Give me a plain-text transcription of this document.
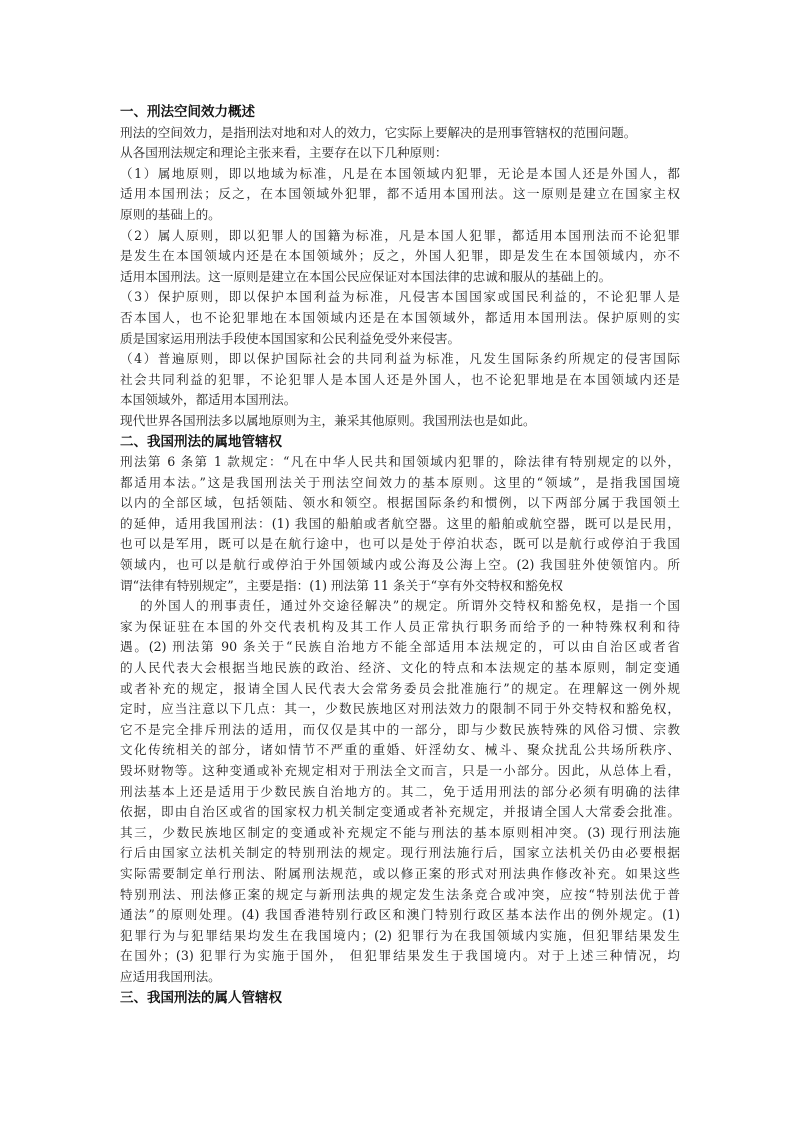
一、刑法空间效力概述
刑法的空间效力，是指刑法对地和对人的效力，它实际上要解决的是刑事管辖权的范围问题。
从各国刑法规定和理论主张来看，主要存在以下几种原则：
（1）属地原则，即以地域为标准，凡是在本国领域内犯罪，无论是本国人还是外国人，都
适用本国刑法；反之，在本国领域外犯罪，都不适用本国刑法。这一原则是建立在国家主权
原则的基础上的。
（2）属人原则，即以犯罪人的国籍为标准，凡是本国人犯罪，都适用本国刑法而不论犯罪
是发生在本国领域内还是在本国领域外；反之，外国人犯罪，即是发生在本国领域内，亦不
适用本国刑法。这一原则是建立在本国公民应保证对本国法律的忠诚和服从的基础上的。
（3）保护原则，即以保护本国利益为标准，凡侵害本国国家或国民利益的，不论犯罪人是
否本国人，也不论犯罪地在本国领域内还是在本国领域外，都适用本国刑法。保护原则的实
质是国家运用刑法手段使本国国家和公民利益免受外来侵害。
（4）普遍原则，即以保护国际社会的共同利益为标准，凡发生国际条约所规定的侵害国际
社会共同利益的犯罪，不论犯罪人是本国人还是外国人，也不论犯罪地是在本国领域内还是
本国领域外，都适用本国刑法。
现代世界各国刑法多以属地原则为主，兼采其他原则。我国刑法也是如此。
二、我国刑法的属地管辖权
刑法第 6 条第 1 款规定：“凡在中华人民共和国领域内犯罪的，除法律有特别规定的以外，
都适用本法。”这是我国刑法关于刑法空间效力的基本原则。这里的“领域”，是指我国国境
以内的全部区域，包括领陆、领水和领空。根据国际条约和惯例，以下两部分属于我国领土
的延伸，适用我国刑法：(1) 我国的船舶或者航空器。这里的船舶或航空器，既可以是民用，
也可以是军用，既可以是在航行途中，也可以是处于停泊状态，既可以是航行或停泊于我国
领域内，也可以是航行或停泊于外国领域内或公海及公海上空。(2) 我国驻外使领馆内。所
谓“法律有特别规定”，主要是指：(1) 刑法第 11 条关于“享有外交特权和豁免权
的外国人的刑事责任，通过外交途径解决”的规定。所谓外交特权和豁免权，是指一个国
家为保证驻在本国的外交代表机构及其工作人员正常执行职务而给予的一种特殊权利和待
遇。(2) 刑法第 90 条关于“民族自治地方不能全部适用本法规定的，可以由自治区或者省
的人民代表大会根据当地民族的政治、经济、文化的特点和本法规定的基本原则，制定变通
或者补充的规定，报请全国人民代表大会常务委员会批准施行”的规定。在理解这一例外规
定时，应当注意以下几点：其一，少数民族地区对刑法效力的限制不同于外交特权和豁免权，
它不是完全排斥刑法的适用，而仅仅是其中的一部分，即与少数民族特殊的风俗习惯、宗教
文化传统相关的部分，诸如情节不严重的重婚、奸淫幼女、械斗、聚众扰乱公共场所秩序、
毁坏财物等。这种变通或补充规定相对于刑法全文而言，只是一小部分。因此，从总体上看，
刑法基本上还是适用于少数民族自治地方的。其二，免于适用刑法的部分必须有明确的法律
依据，即由自治区或省的国家权力机关制定变通或者补充规定，并报请全国人大常委会批准。
其三，少数民族地区制定的变通或补充规定不能与刑法的基本原则相冲突。(3) 现行刑法施
行后由国家立法机关制定的特别刑法的规定。现行刑法施行后，国家立法机关仍由必要根据
实际需要制定单行刑法、附属刑法规范，或以修正案的形式对刑法典作修改补充。如果这些
特别刑法、刑法修正案的规定与新刑法典的规定发生法条竞合或冲突，应按“特别法优于普
通法”的原则处理。(4) 我国香港特别行政区和澳门特别行政区基本法作出的例外规定。(1)
犯罪行为与犯罪结果均发生在我国境内；(2) 犯罪行为在我国领域内实施，但犯罪结果发生
在国外；(3) 犯罪行为实施于国外， 但犯罪结果发生于我国境内。对于上述三种情况，均
应适用我国刑法。
三、我国刑法的属人管辖权
